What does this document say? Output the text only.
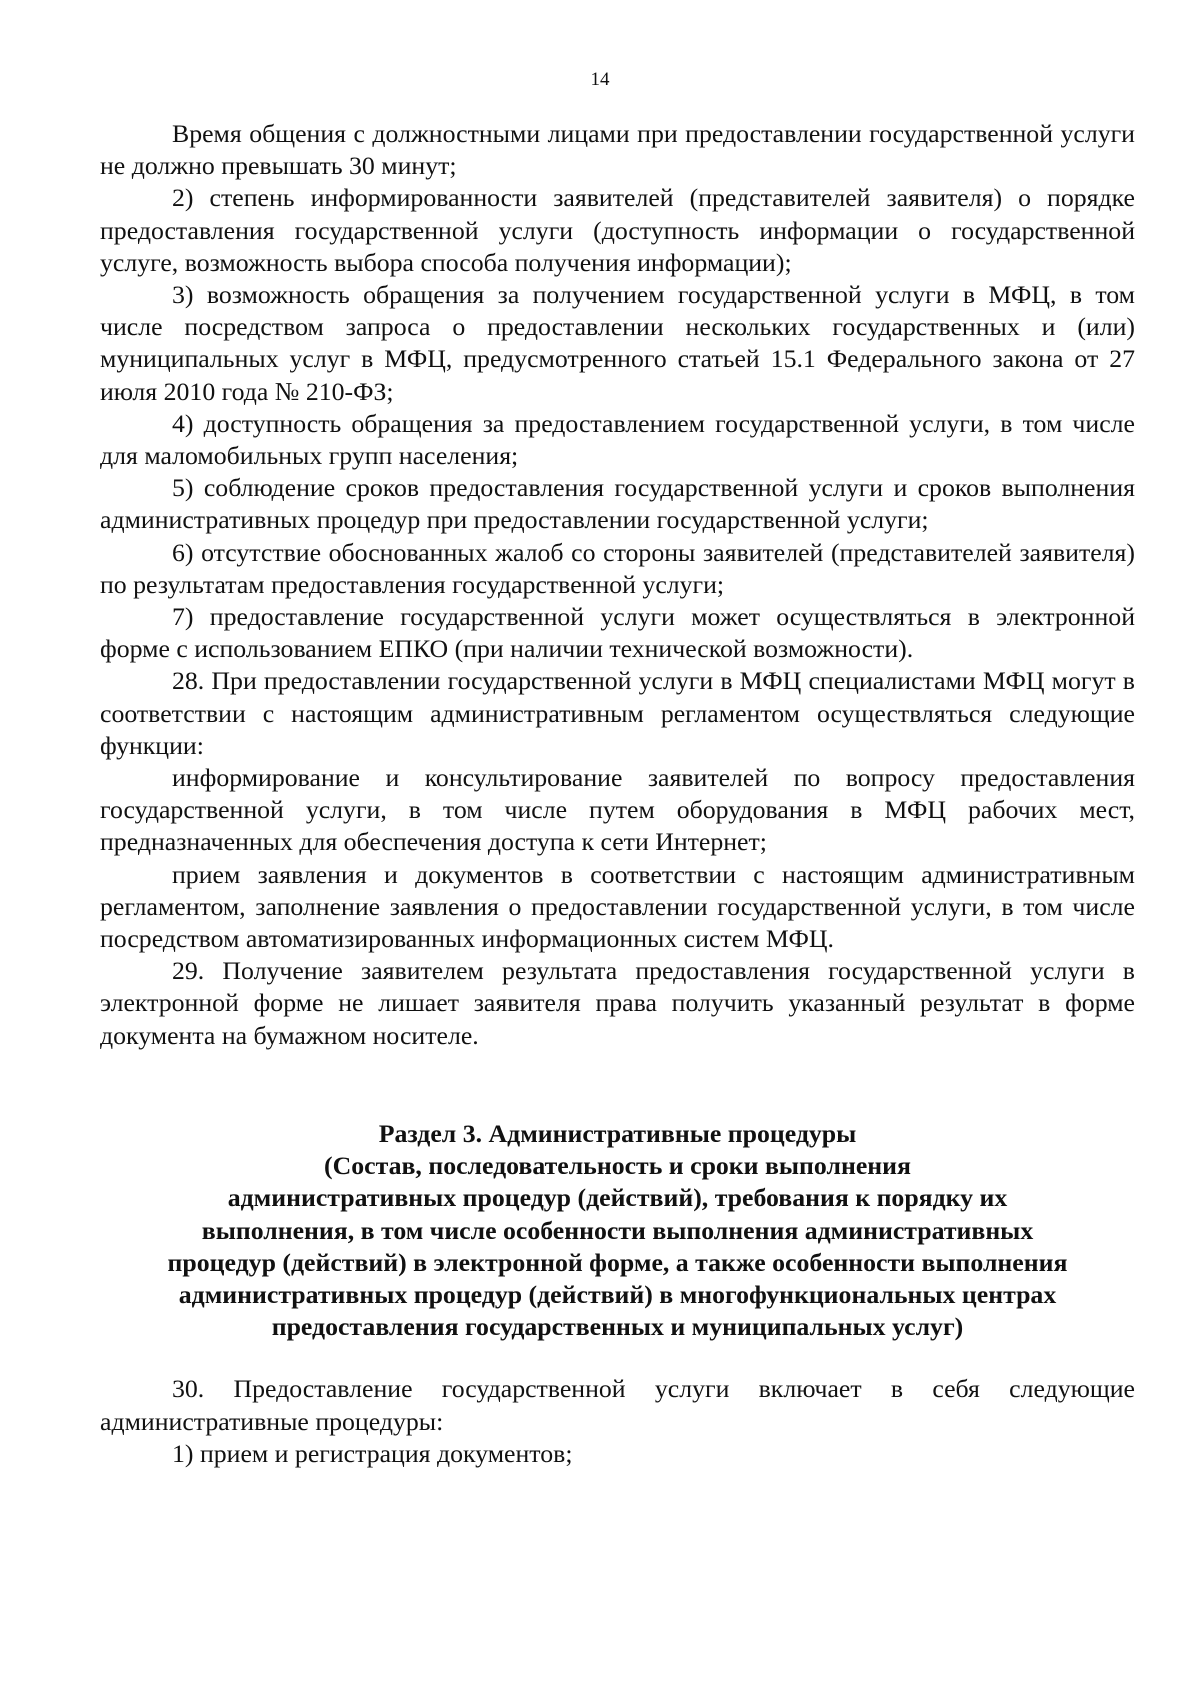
14

Время общения с должностными лицами при предоставлении государственной услуги не должно превышать 30 минут;

2) степень информированности заявителей (представителей заявителя) о порядке предоставления государственной услуги (доступность информации о государственной услуге, возможность выбора способа получения информации);

3) возможность обращения за получением государственной услуги в МФЦ, в том числе посредством запроса о предоставлении нескольких государственных и (или) муниципальных услуг в МФЦ, предусмотренного статьей 15.1 Федерального закона от 27 июля 2010 года № 210-ФЗ;

4) доступность обращения за предоставлением государственной услуги, в том числе для маломобильных групп населения;

5) соблюдение сроков предоставления государственной услуги и сроков выполнения административных процедур при предоставлении государственной услуги;

6) отсутствие обоснованных жалоб со стороны заявителей (представителей заявителя) по результатам предоставления государственной услуги;

7) предоставление государственной услуги может осуществляться в электронной форме с использованием ЕПКО (при наличии технической возможности).

28. При предоставлении государственной услуги в МФЦ специалистами МФЦ могут в соответствии с настоящим административным регламентом осуществляться следующие функции:

информирование и консультирование заявителей по вопросу предоставления государственной услуги, в том числе путем оборудования в МФЦ рабочих мест, предназначенных для обеспечения доступа к сети Интернет;

прием заявления и документов в соответствии с настоящим административным регламентом, заполнение заявления о предоставлении государственной услуги, в том числе посредством автоматизированных информационных систем МФЦ.

29. Получение заявителем результата предоставления государственной услуги в электронной форме не лишает заявителя права получить указанный результат в форме документа на бумажном носителе.

Раздел 3. Административные процедуры
(Состав, последовательность и сроки выполнения
административных процедур (действий), требования к порядку их
выполнения, в том числе особенности выполнения административных
процедур (действий) в электронной форме, а также особенности выполнения
административных процедур (действий) в многофункциональных центрах
предоставления государственных и муниципальных услуг)

30. Предоставление государственной услуги включает в себя следующие административные процедуры:

1) прием и регистрация документов;
